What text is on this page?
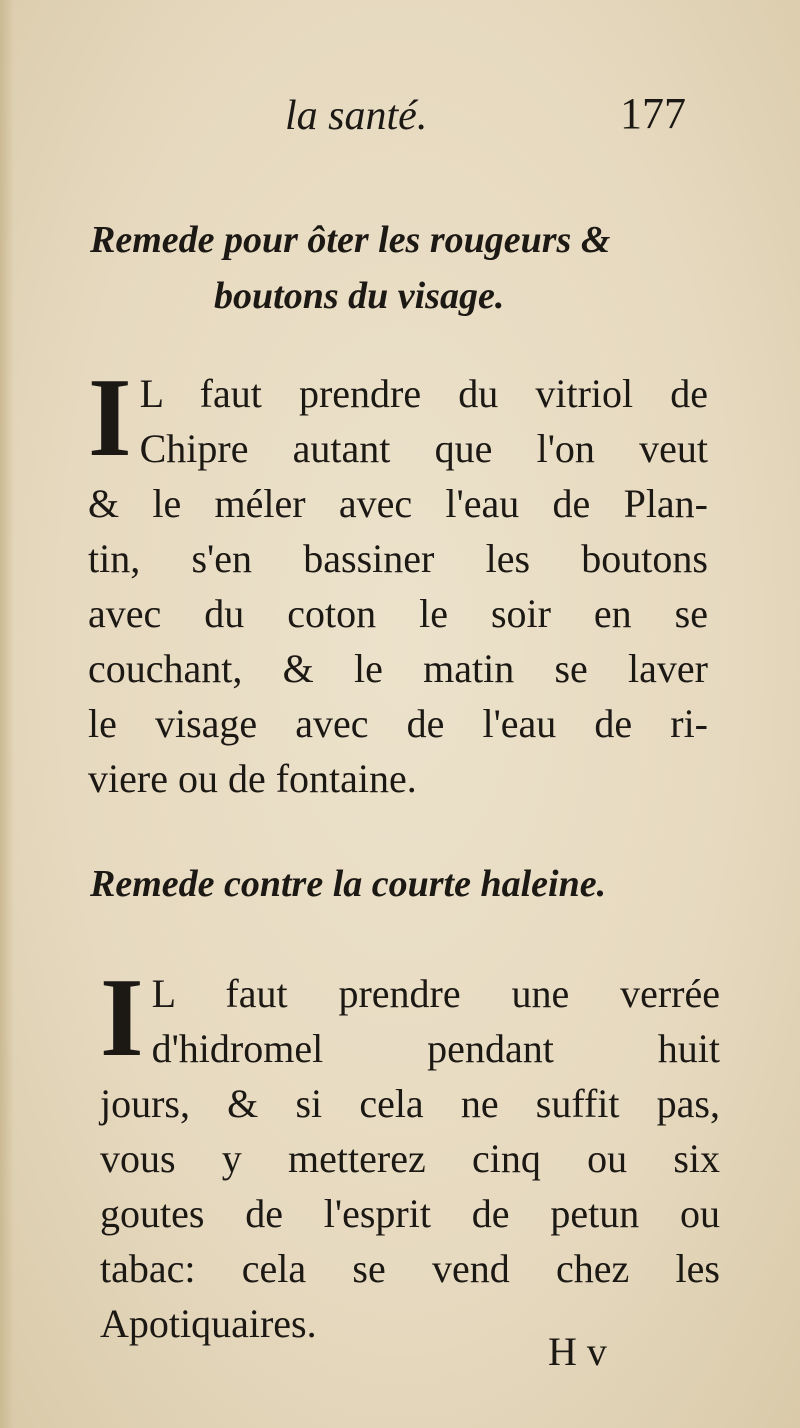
la santé.	177
Remede pour ôter les rougeurs &
boutons du visage.
I L faut prendre du vitriol de
Chipre autant que l'on veut
& le méler avec l'eau de Plan-
tin, s'en bassiner les boutons
avec du coton le soir en se
couchant, & le matin se laver
le visage avec de l'eau de ri-
viere ou de fontaine.
Remede contre la courte haleine.
I L faut prendre une verrée
d'hidromel pendant huit
jours, & si cela ne suffit pas,
vous y metterez cinq ou six
goutes de l'esprit de petun ou
tabac: cela se vend chez les
Apotiquaires.
H v
